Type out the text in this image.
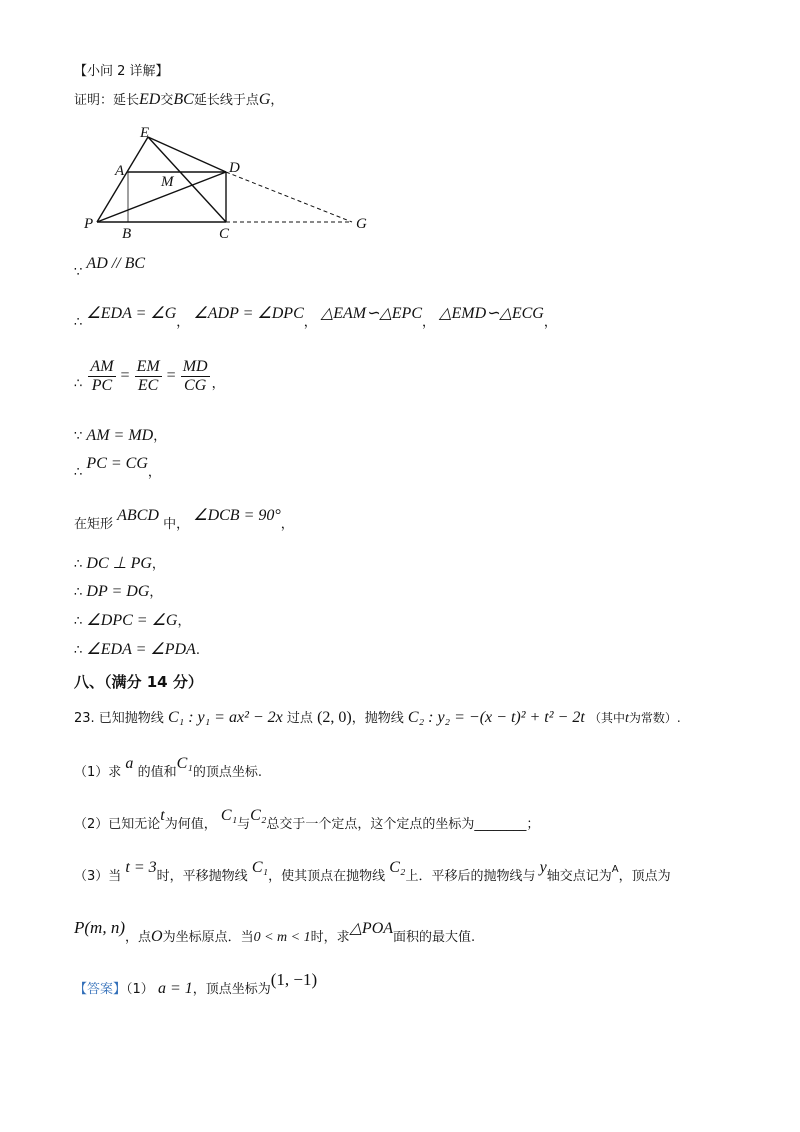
【小问 2 详解】
证明：延长ED交BC延长线于点G，
E
A	D
M
P
B	C
G
∵ AD // BC
∴ ∠EDA = ∠G， ∠ADP = ∠DPC， △EAM∽△EPC， △EMD∽△ECG，
∴ $\frac{AM}{PC} = \frac{EM}{EC} = \frac{MD}{CG}$ ，
∵ AM = MD，
∴ PC = CG，
在矩形 ABCD 中， ∠DCB = 90°，
∴ DC ⊥ PG，
∴ DP = DG，
∴ ∠DPC = ∠G，
∴ ∠EDA = ∠PDA.
八、（满分 14 分）
23. 已知抛物线 C₁ : y₁ = ax² − 2x 过点 (2, 0)，抛物线 C₂ : y₂ = −(x − t)² + t² − 2t （其中t为常数）.
（1）求 a 的值和C₁的顶点坐标.
（2）已知无论t为何值， C₁与C₂总交于一个定点，这个定点的坐标为________；
（3）当 t = 3时，平移抛物线 C₁，使其顶点在抛物线 C₂上．平移后的抛物线与 y轴交点记为$^A$，顶点为
P(m, n)，点O为坐标原点．当0 < m < 1时，求△POA面积的最大值.
【答案】（1） a = 1，顶点坐标为(1, −1)
